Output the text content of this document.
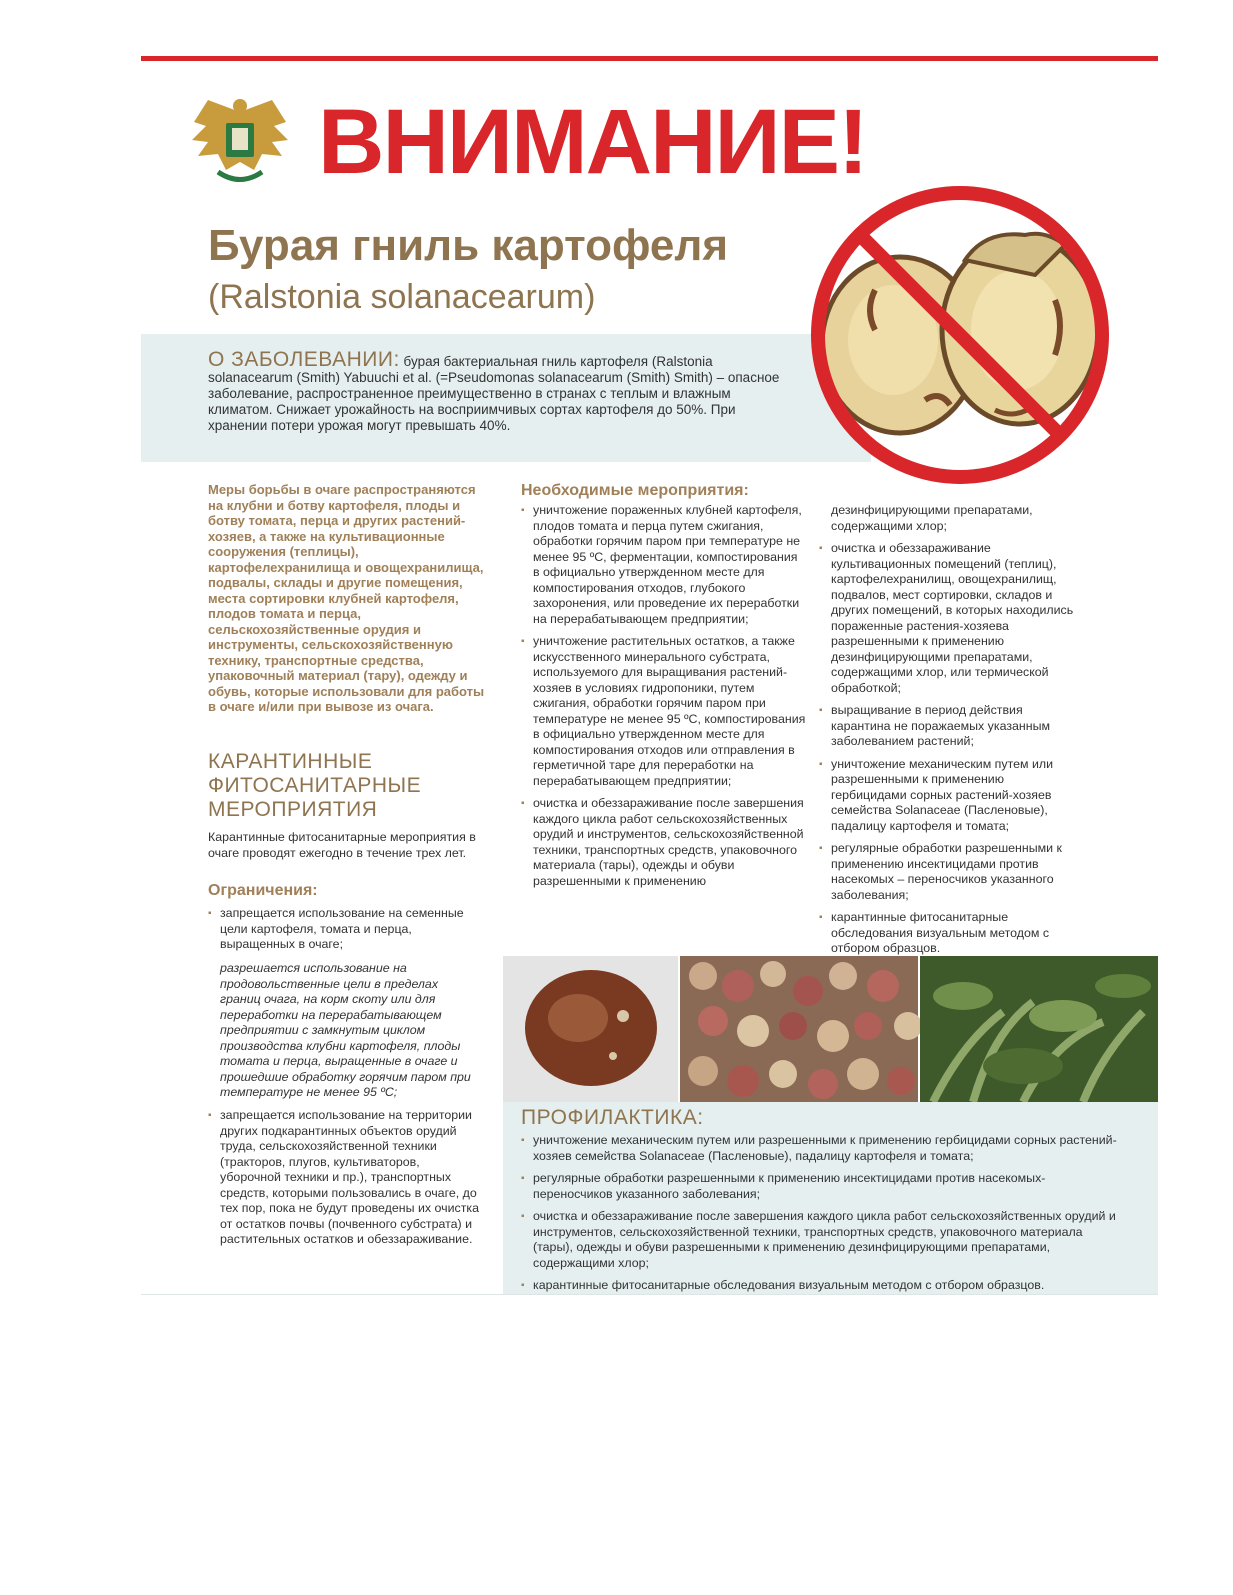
ВНИМАНИЕ!
Бурая гниль картофеля
(Ralstonia solanacearum)
О ЗАБОЛЕВАНИИ: бурая бактериальная гниль картофеля (Ralstonia solanacearum (Smith) Yabuuchi et al. (=Pseudomonas solanacearum (Smith) Smith) – опасное заболевание, распространенное преимущественно в странах с теплым и влажным климатом. Снижает урожайность на восприимчивых сортах картофеля до 50%. При хранении потери урожая могут превышать 40%.
Меры борьбы в очаге распространяются на клубни и ботву картофеля, плоды и ботву томата, перца и других растений-хозяев, а также на культивационные сооружения (теплицы), картофелехранилища и овощехранилища, подвалы, склады и другие помещения, места сортировки клубней картофеля, плодов томата и перца, сельскохозяйственные орудия и инструменты, сельскохозяйственную технику, транспортные средства, упаковочный материал (тару), одежду и обувь, которые использовали для работы в очаге и/или при вывозе из очага.
КАРАНТИННЫЕ ФИТОСАНИТАРНЫЕ МЕРОПРИЯТИЯ
Карантинные фитосанитарные мероприятия в очаге проводят ежегодно в течение трех лет.
Ограничения:
▪ запрещается использование на семенные цели картофеля, томата и перца, выращенных в очаге;
разрешается использование на продовольственные цели в пределах границ очага, на корм скоту или для переработки на перерабатывающем предприятии с замкнутым циклом производства клубни картофеля, плоды томата и перца, выращенные в очаге и прошедшие обработку горячим паром при температуре не менее 95 ºС;
▪ запрещается использование на территории других подкарантинных объектов орудий труда, сельскохозяйственной техники (тракторов, плугов, культиваторов, уборочной техники и пр.), транспортных средств, которыми пользовались в очаге, до тех пор, пока не будут проведены их очистка от остатков почвы (почвенного субстрата) и растительных остатков и обеззараживание.
Необходимые мероприятия:
▪ уничтожение пораженных клубней картофеля, плодов томата и перца путем сжигания, обработки горячим паром при температуре не менее 95 ºС, ферментации, компостирования в официально утвержденном месте для компостирования отходов, глубокого захоронения, или проведение их переработки на перерабатывающем предприятии;
▪ уничтожение растительных остатков, а также искусственного минерального субстрата, используемого для выращивания растений-хозяев в условиях гидропоники, путем сжигания, обработки горячим паром при температуре не менее 95 ºС, компостирования в официально утвержденном месте для компостирования отходов или отправления в герметичной таре для переработки на перерабатывающем предприятии;
▪ очистка и обеззараживание после завершения каждого цикла работ сельскохозяйственных орудий и инструментов, сельскохозяйственной техники, транспортных средств, упаковочного материала (тары), одежды и обуви разрешенными к применению
дезинфицирующими препаратами, содержащими хлор;
▪ очистка и обеззараживание культивационных помещений (теплиц), картофелехранилищ, овощехранилищ, подвалов, мест сортировки, складов и других помещений, в которых находились пораженные растения-хозяева разрешенными к применению дезинфицирующими препаратами, содержащими хлор, или термической обработкой;
▪ выращивание в период действия карантина не поражаемых указанным заболеванием растений;
▪ уничтожение механическим путем или разрешенными к применению гербицидами сорных растений-хозяев семейства Solanaceae (Пасленовые), падалицу картофеля и томата;
▪ регулярные обработки разрешенными к применению инсектицидами против насекомых – переносчиков указанного заболевания;
▪ карантинные фитосанитарные обследования визуальным методом с отбором образцов.
ПРОФИЛАКТИКА:
▪ уничтожение механическим путем или разрешенными к применению гербицидами сорных растений-хозяев семейства Solanaceae (Пасленовые), падалицу картофеля и томата;
▪ регулярные обработки разрешенными к применению инсектицидами против насекомых-переносчиков указанного заболевания;
▪ очистка и обеззараживание после завершения каждого цикла работ сельскохозяйственных орудий и инструментов, сельскохозяйственной техники, транспортных средств, упаковочного материала (тары), одежды и обуви разрешенными к применению дезинфицирующими препаратами, содержащими хлор;
▪ карантинные фитосанитарные обследования визуальным методом с отбором образцов.
